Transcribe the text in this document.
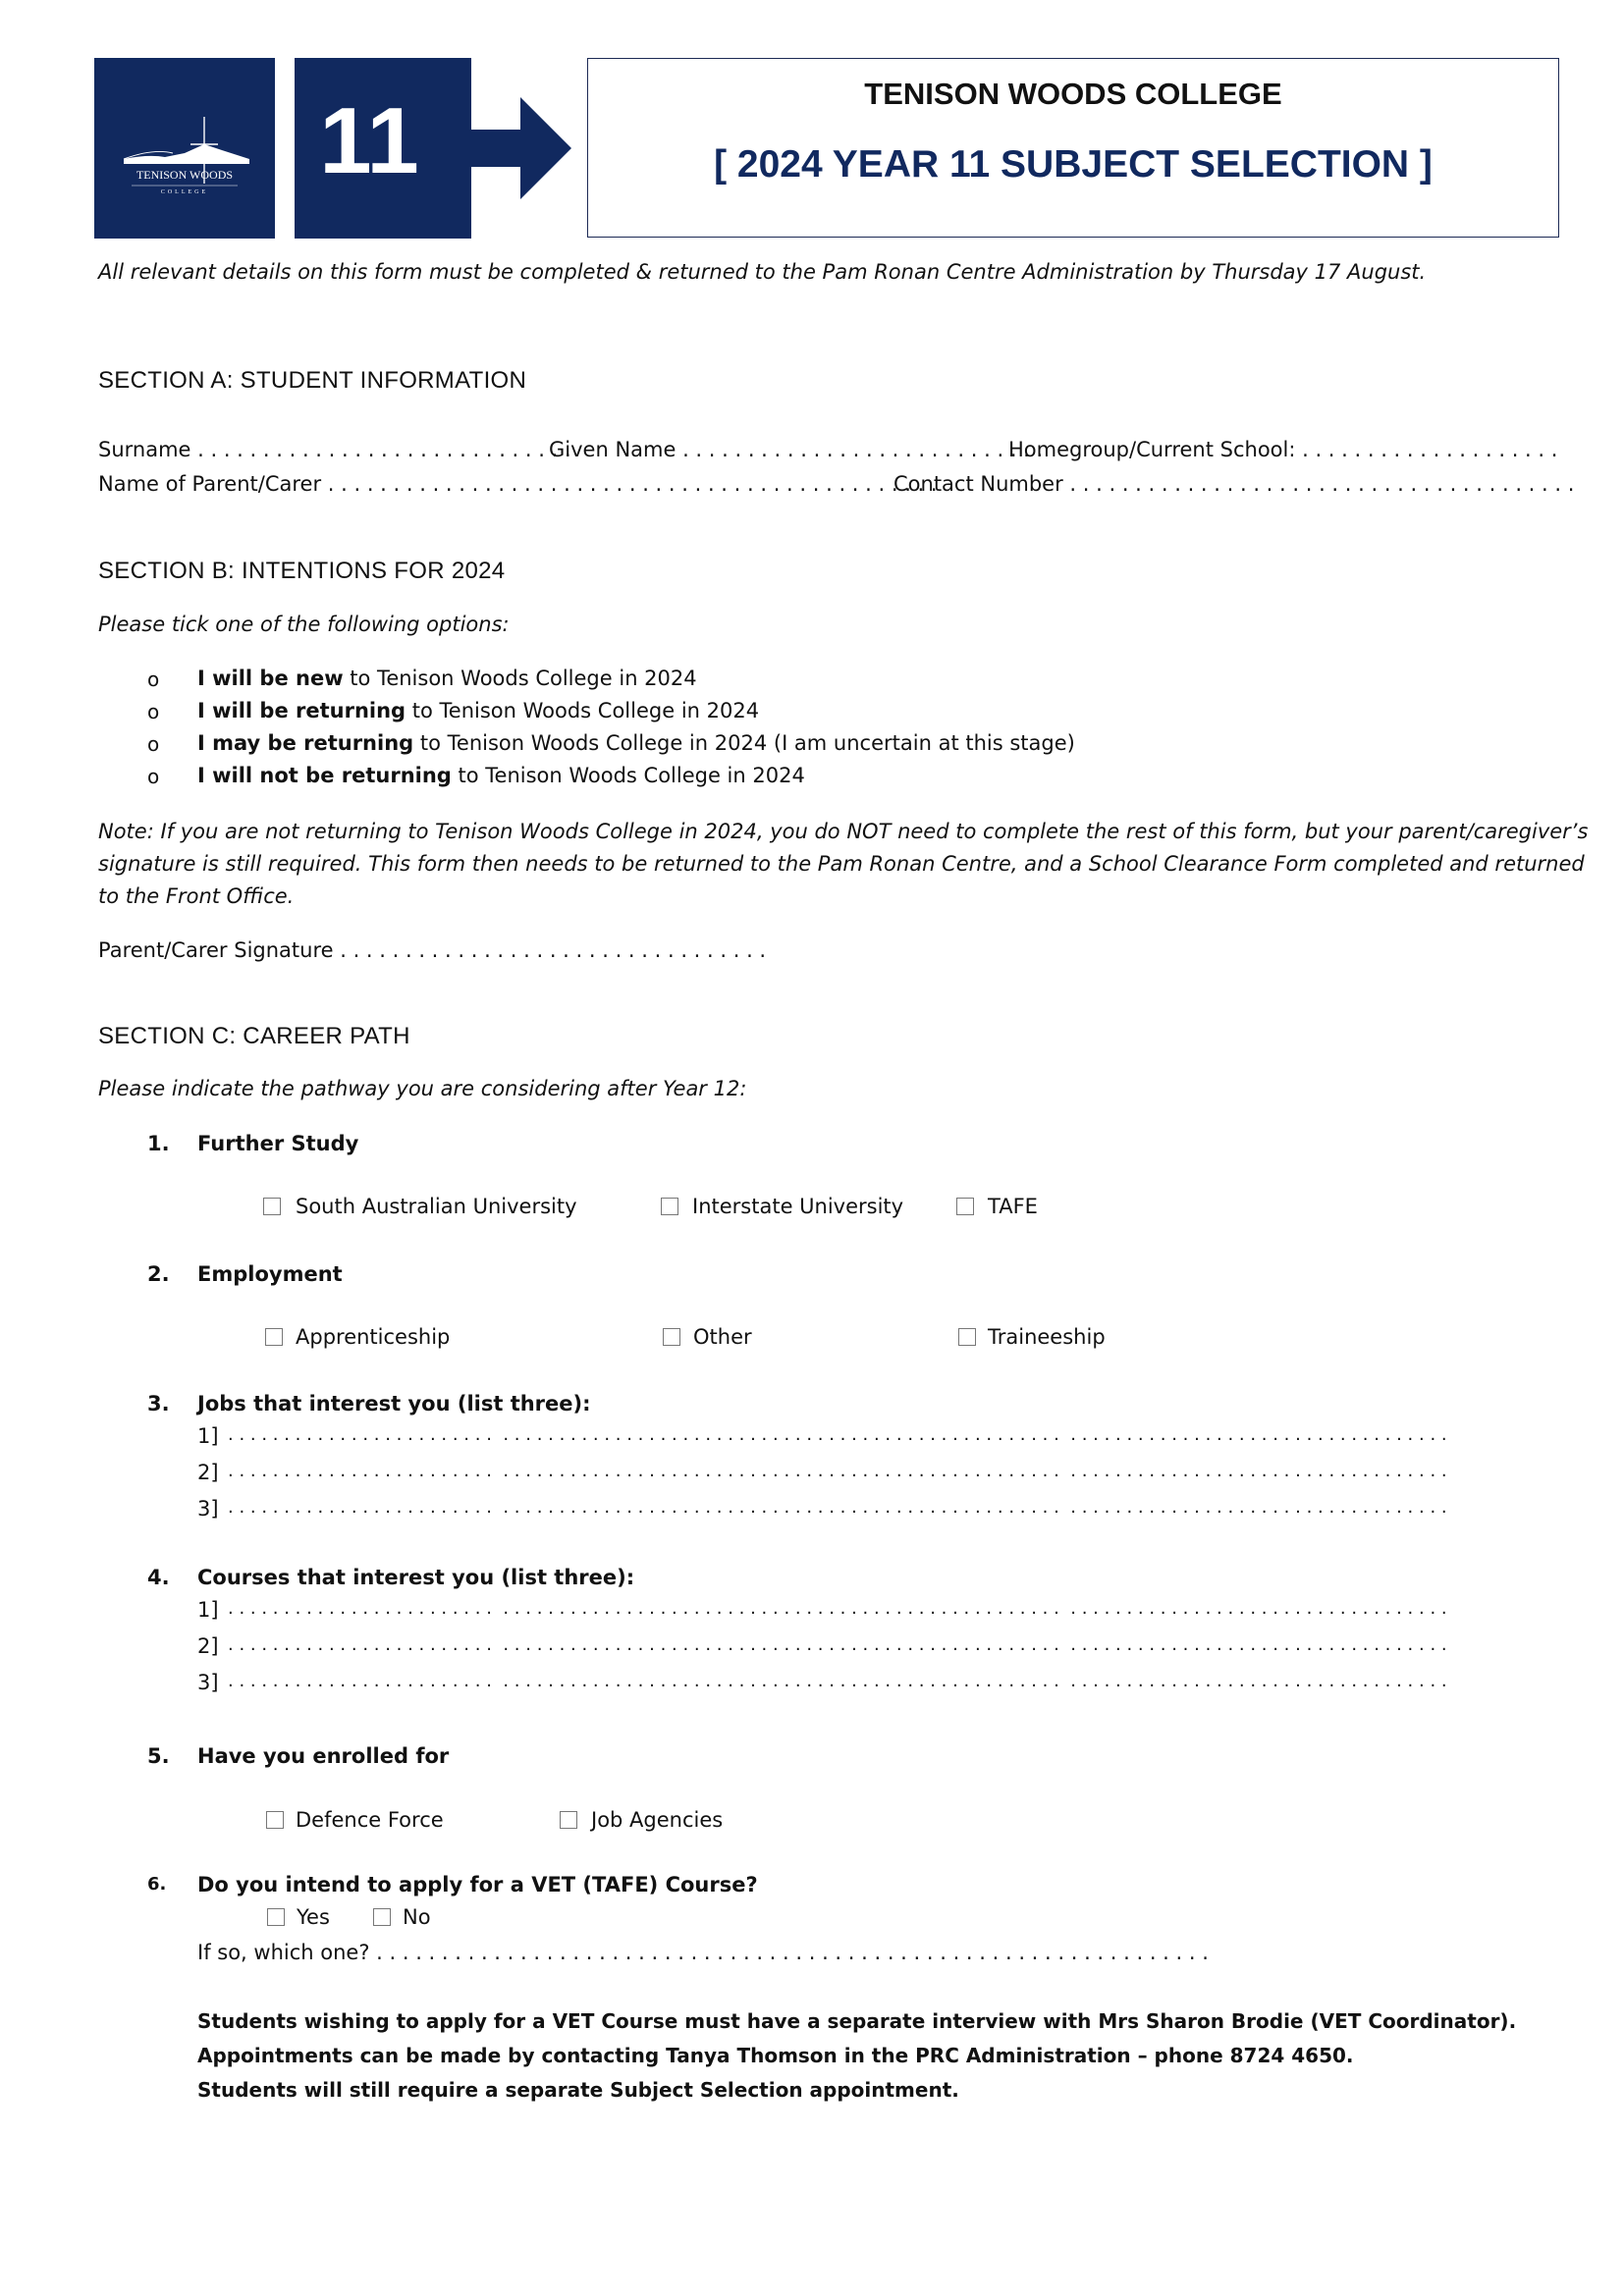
TENISON WOODS
COLLEGE 11	TENISON WOODS COLLEGE
[ 2024 YEAR 11 SUBJECT SELECTION ]
All relevant details on this form must be completed & returned to the Pam Ronan Centre Administration by Thursday 17 August.
SECTION A: STUDENT INFORMATION
Surname . . . . . . . . . . . . . . . . . . . . . . . . . . . . .
Given Name . . . . . . . . . . . . . . . . . . . . . . . . . . . .
Homegroup/Current School: . . . . . . . . . . . . . . . . . . . .
Name of Parent/Carer . . . . . . . . . . . . . . . . . . . . . . . . . . . . . . . . . . . . . . . . . . . . . . .
Contact Number . . . . . . . . . . . . . . . . . . . . . . . . . . . . . . . . . . . . . . .
SECTION B: INTENTIONS FOR 2024
Please tick one of the following options:
o I will be new to Tenison Woods College in 2024
o I will be returning to Tenison Woods College in 2024
o I may be returning to Tenison Woods College in 2024 (I am uncertain at this stage)
o I will not be returning to Tenison Woods College in 2024
Note: If you are not returning to Tenison Woods College in 2024, you do NOT need to complete the rest of this form, but your parent/caregiver’s
signature is still required. This form then needs to be returned to the Pam Ronan Centre, and a School Clearance Form completed and returned
to the Front Office.
Parent/Carer Signature . . . . . . . . . . . . . . . . . . . . . . . . . . . . . . . . .
SECTION C: CAREER PATH
Please indicate the pathway you are considering after Year 12:
1. Further Study
South Australian University	Interstate University	TAFE
2. Employment
Apprenticeship	Other	Traineeship
3. Jobs that interest you (list three):
1] . . . . . . . . . . . . . . . . . . . . . . . .  . . . . . . . . . . . . . . . . . . . . . . . . . . . . . . . . . . . . . . . . . . . . . . . . . .  . . . . . . . . . . . . . . . . . . . . . . . . . . . . . . . . . .
2] . . . . . . . . . . . . . . . . . . . . . . . .  . . . . . . . . . . . . . . . . . . . . . . . . . . . . . . . . . . . . . . . . . . . . . . . . . .  . . . . . . . . . . . . . . . . . . . . . . . . . . . . . . . . . .
3] . . . . . . . . . . . . . . . . . . . . . . . .  . . . . . . . . . . . . . . . . . . . . . . . . . . . . . . . . . . . . . . . . . . . . . . . . . .  . . . . . . . . . . . . . . . . . . . . . . . . . . . . . . . . . .
4. Courses that interest you (list three):
1] . . . . . . . . . . . . . . . . . . . . . . . .  . . . . . . . . . . . . . . . . . . . . . . . . . . . . . . . . . . . . . . . . . . . . . . . . . .  . . . . . . . . . . . . . . . . . . . . . . . . . . . . . . . . . .
2] . . . . . . . . . . . . . . . . . . . . . . . .  . . . . . . . . . . . . . . . . . . . . . . . . . . . . . . . . . . . . . . . . . . . . . . . . . .  . . . . . . . . . . . . . . . . . . . . . . . . . . . . . . . . . .
3] . . . . . . . . . . . . . . . . . . . . . . . .  . . . . . . . . . . . . . . . . . . . . . . . . . . . . . . . . . . . . . . . . . . . . . . . . . .  . . . . . . . . . . . . . . . . . . . . . . . . . . . . . . . . . .
5. Have you enrolled for
Defence Force	Job Agencies
6. Do you intend to apply for a VET (TAFE) Course?
Yes	No
If so, which one? . . . . . . . . . . . . . . . . . . . . . . . . . . . . . . . . . . . . . . . . . . . . . . . . . . . . . . . . . . . . . . . .
Students wishing to apply for a VET Course must have a separate interview with Mrs Sharon Brodie (VET Coordinator).
Appointments can be made by contacting Tanya Thomson in the PRC Administration – phone 8724 4650.
Students will still require a separate Subject Selection appointment.
